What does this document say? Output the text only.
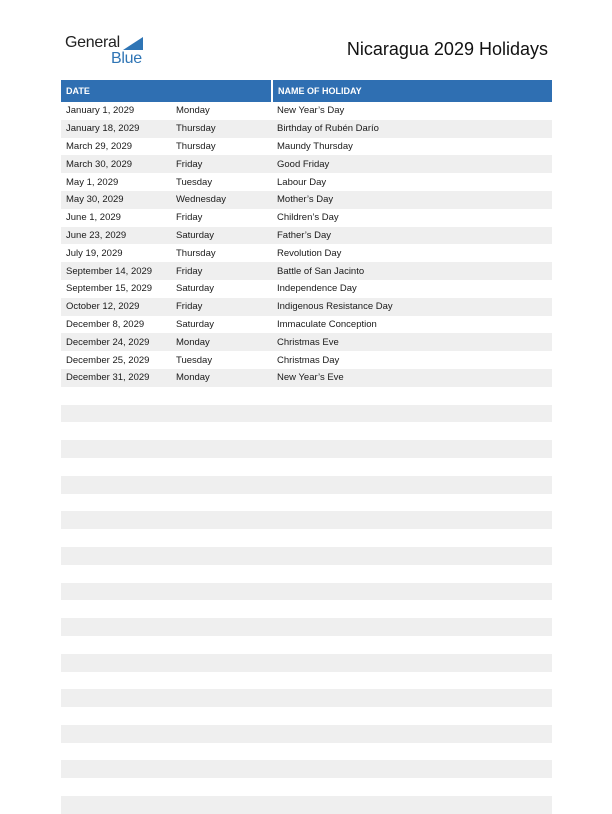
General
Blue	Nicaragua 2029 Holidays
DATE		NAME OF HOLIDAY
January 1, 2029	Monday	New Year’s Day
January 18, 2029	Thursday	Birthday of Rubén Darío
March 29, 2029	Thursday	Maundy Thursday
March 30, 2029	Friday	Good Friday
May 1, 2029	Tuesday	Labour Day
May 30, 2029	Wednesday	Mother’s Day
June 1, 2029	Friday	Children’s Day
June 23, 2029	Saturday	Father’s Day
July 19, 2029	Thursday	Revolution Day
September 14, 2029	Friday	Battle of San Jacinto
September 15, 2029	Saturday	Independence Day
October 12, 2029	Friday	Indigenous Resistance Day
December 8, 2029	Saturday	Immaculate Conception
December 24, 2029	Monday	Christmas Eve
December 25, 2029	Tuesday	Christmas Day
December 31, 2029	Monday	New Year’s Eve
